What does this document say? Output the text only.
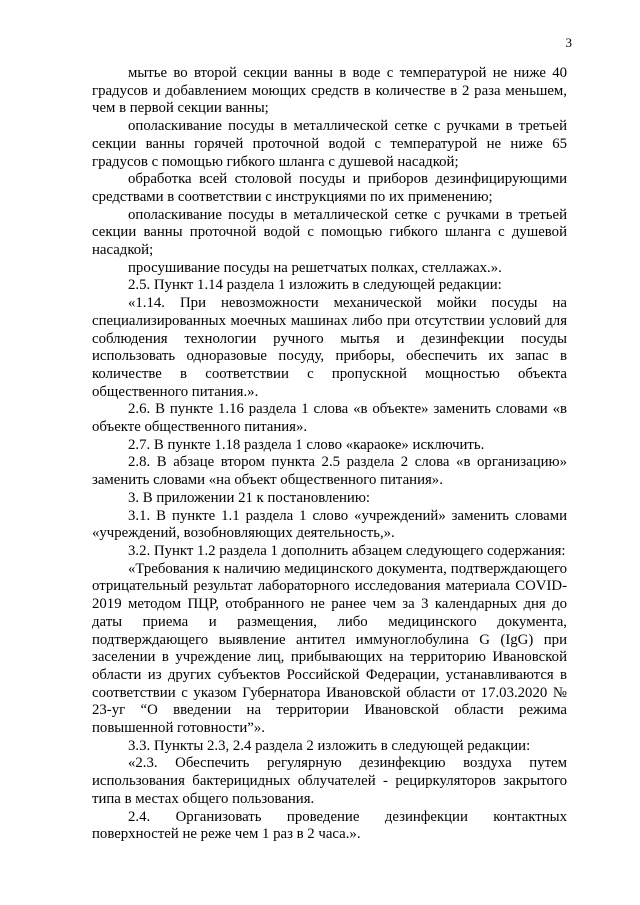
3

мытье во второй секции ванны в воде с температурой не ниже 40 градусов и добавлением моющих средств в количестве в 2 раза меньшем, чем в первой секции ванны;

ополаскивание посуды в металлической сетке с ручками в третьей секции ванны горячей проточной водой с температурой не ниже 65 градусов с помощью гибкого шланга с душевой насадкой;

обработка всей столовой посуды и приборов дезинфицирующими средствами в соответствии с инструкциями по их применению;

ополаскивание посуды в металлической сетке с ручками в третьей секции ванны проточной водой с помощью гибкого шланга с душевой насадкой;

просушивание посуды на решетчатых полках, стеллажах.».

2.5. Пункт 1.14 раздела 1 изложить в следующей редакции:

«1.14. При невозможности механической мойки посуды на специализированных моечных машинах либо при отсутствии условий для соблюдения технологии ручного мытья и дезинфекции посуды использовать одноразовые посуду, приборы, обеспечить их запас в количестве в соответствии с пропускной мощностью объекта общественного питания.».

2.6. В пункте 1.16 раздела 1 слова «в объекте» заменить словами «в объекте общественного питания».

2.7. В пункте 1.18 раздела 1 слово «караоке» исключить.

2.8. В абзаце втором пункта 2.5 раздела 2 слова «в организацию» заменить словами «на объект общественного питания».

3. В приложении 21 к постановлению:

3.1. В пункте 1.1 раздела 1 слово «учреждений» заменить словами «учреждений, возобновляющих деятельность,».

3.2. Пункт 1.2 раздела 1 дополнить абзацем следующего содержания:

«Требования к наличию медицинского документа, подтверждающего отрицательный результат лабораторного исследования материала COVID-2019 методом ПЦР, отобранного не ранее чем за 3 календарных дня до даты приема и размещения, либо медицинского документа, подтверждающего выявление антител иммуноглобулина G (IgG) при заселении в учреждение лиц, прибывающих на территорию Ивановской области из других субъектов Российской Федерации, устанавливаются в соответствии с указом Губернатора Ивановской области от 17.03.2020 № 23-уг “О введении на территории Ивановской области режима повышенной готовности”».

3.3. Пункты 2.3, 2.4 раздела 2 изложить в следующей редакции:

«2.3. Обеспечить регулярную дезинфекцию воздуха путем использования бактерицидных облучателей - рециркуляторов закрытого типа в местах общего пользования.

2.4. Организовать проведение дезинфекции контактных поверхностей не реже чем 1 раз в 2 часа.».
